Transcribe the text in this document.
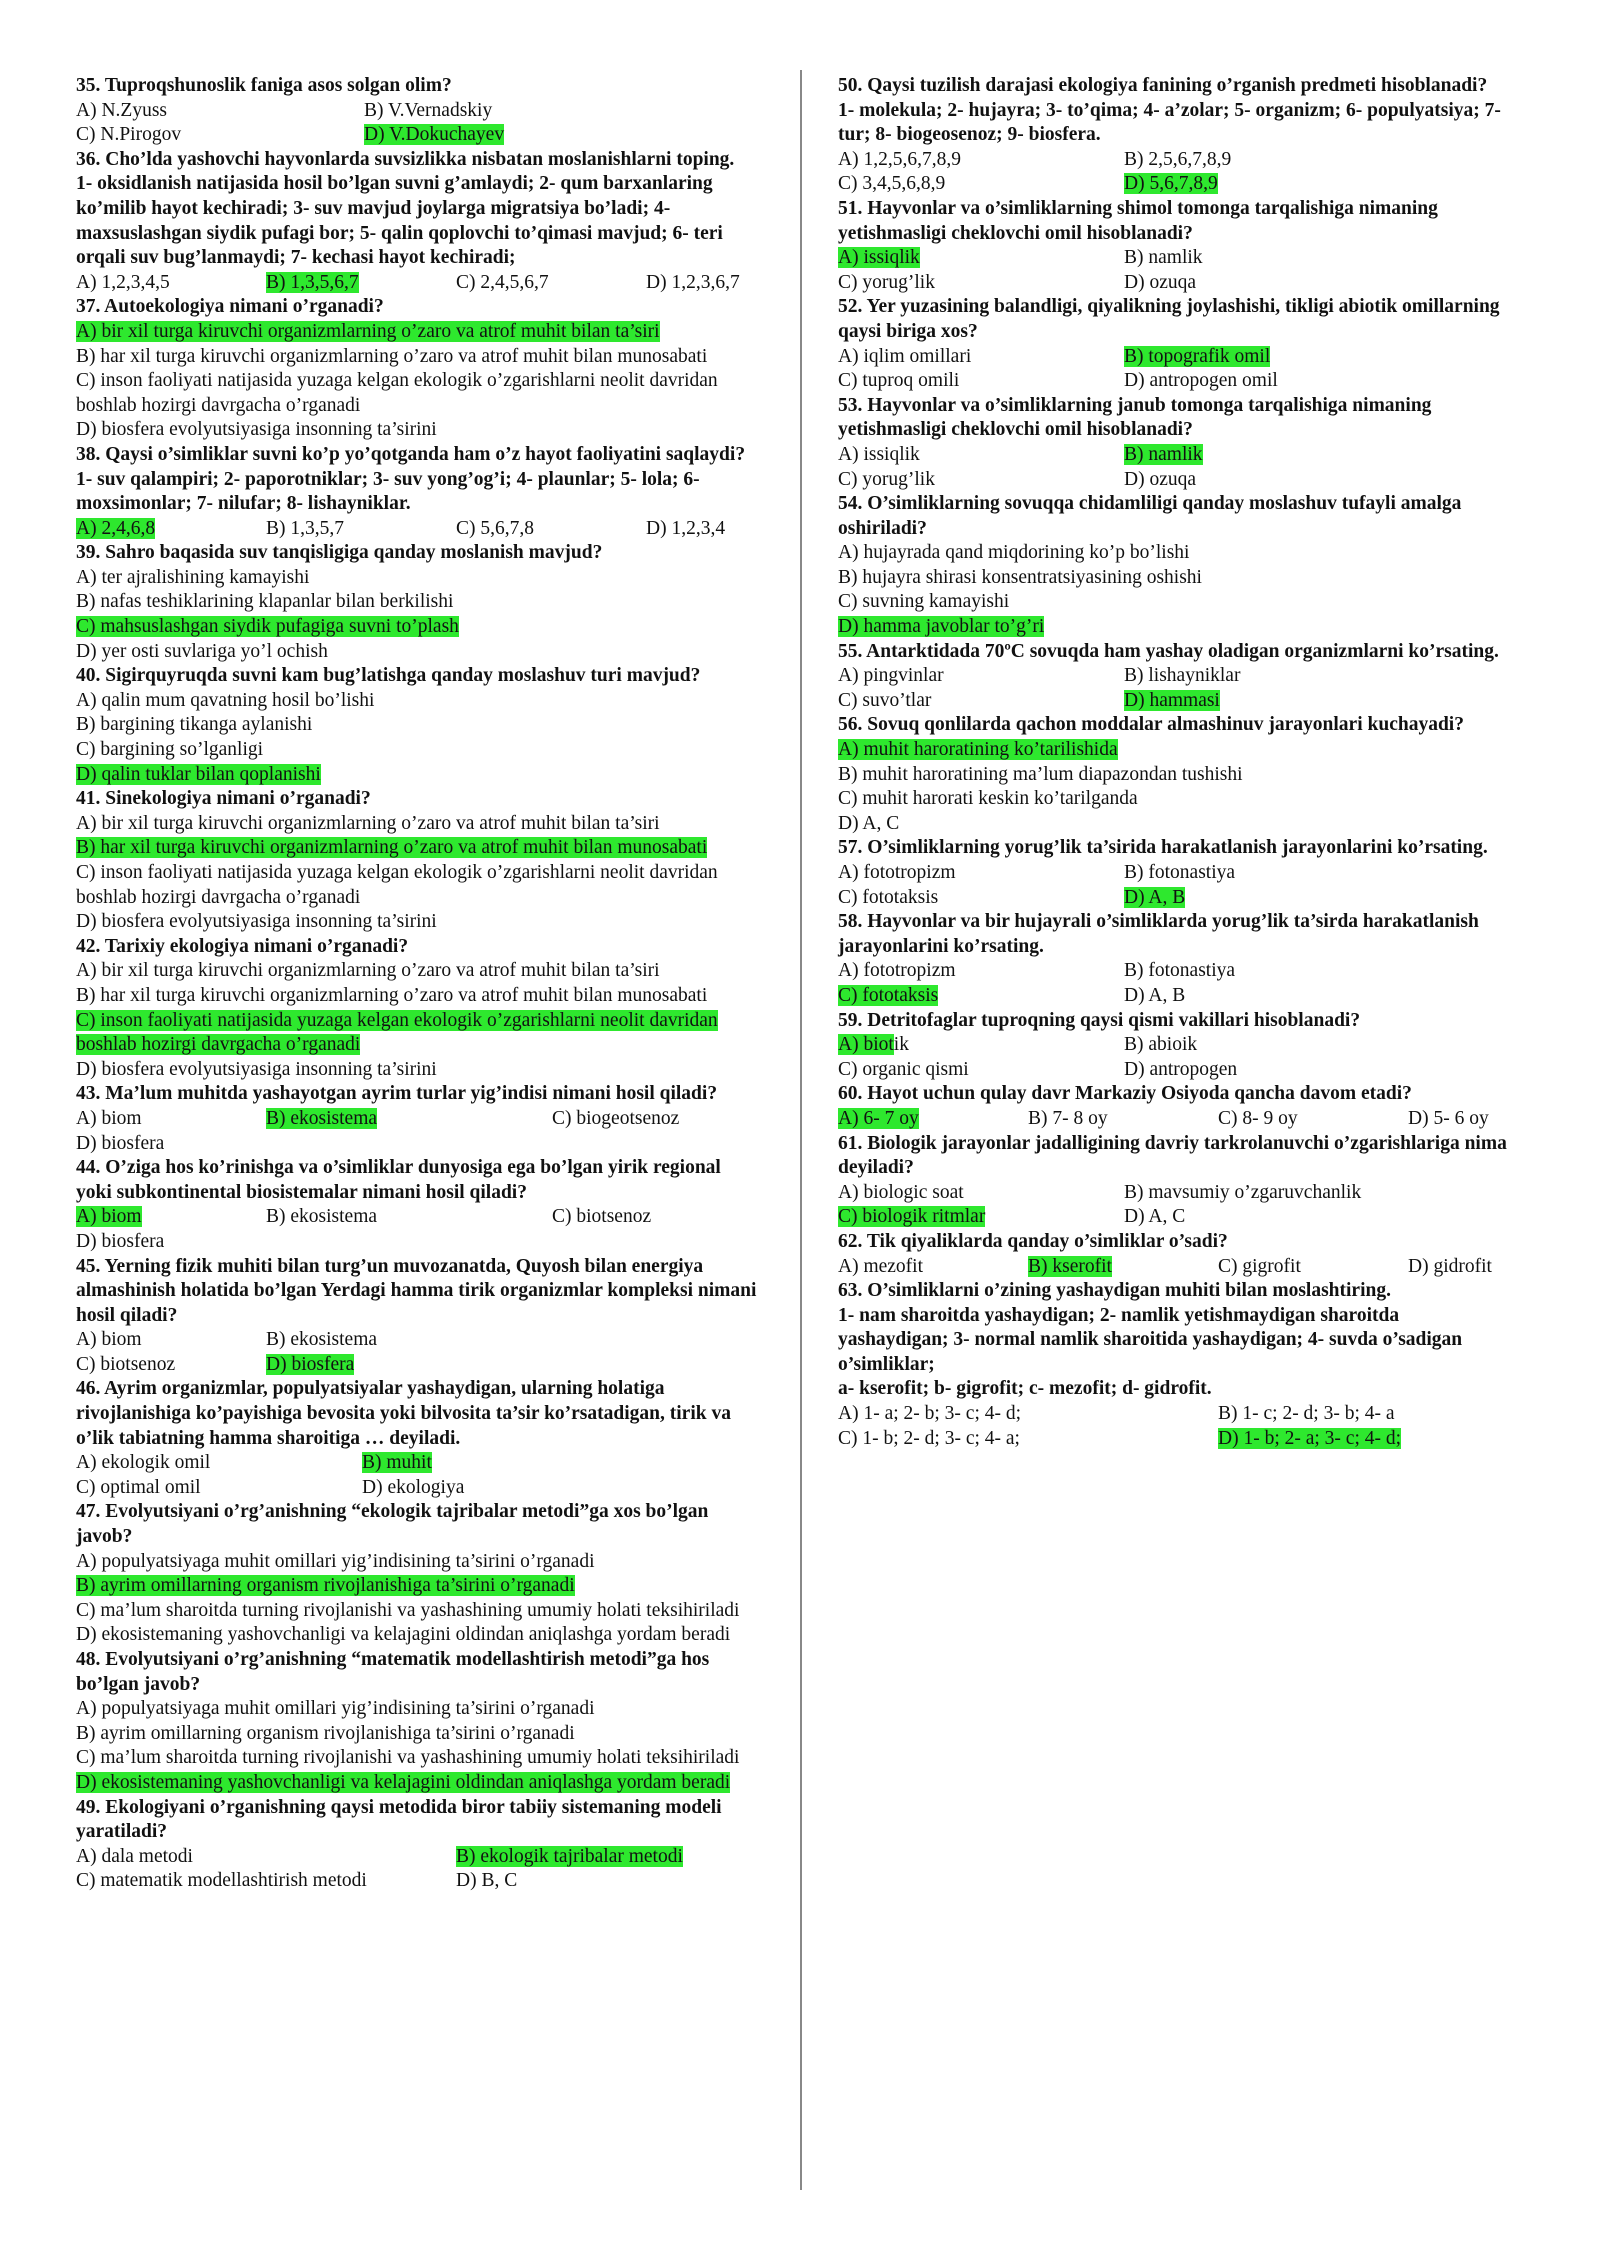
35. Tuproqshunoslik faniga asos solgan olim?
A) N.Zyuss	B) V.Vernadskiy
C) N.Pirogov	D) V.Dokuchayev
36. Cho’lda yashovchi hayvonlarda suvsizlikka nisbatan moslanishlarni toping.
1- oksidlanish natijasida hosil bo’lgan suvni g’amlaydi; 2- qum barxanlaring ko’milib hayot kechiradi; 3- suv mavjud joylarga migratsiya bo’ladi; 4- maxsuslashgan siydik pufagi bor; 5- qalin qoplovchi to’qimasi mavjud; 6- teri orqali suv bug’lanmaydi; 7- kechasi hayot kechiradi;
A) 1,2,3,4,5	B) 1,3,5,6,7	C) 2,4,5,6,7	D) 1,2,3,6,7
37. Autoekologiya nimani o’rganadi?
A) bir xil turga kiruvchi organizmlarning o’zaro va atrof muhit bilan ta’siri
B) har xil turga kiruvchi organizmlarning o’zaro va atrof muhit bilan munosabati
C) inson faoliyati natijasida yuzaga kelgan ekologik o’zgarishlarni neolit davridan boshlab hozirgi davrgacha o’rganadi
D) biosfera evolyutsiyasiga insonning ta’sirini
38. Qaysi o’simliklar suvni ko’p yo’qotganda ham o’z hayot faoliyatini saqlaydi?
1- suv qalampiri; 2- paporotniklar; 3- suv yong’og’i; 4- plaunlar; 5- lola; 6- moxsimonlar; 7- nilufar; 8- lishayniklar.
A) 2,4,6,8	B) 1,3,5,7	C) 5,6,7,8	D) 1,2,3,4
39. Sahro baqasida suv tanqisligiga qanday moslanish mavjud?
A) ter ajralishining kamayishi
B) nafas teshiklarining klapanlar bilan berkilishi
C) mahsuslashgan siydik pufagiga suvni to’plash
D) yer osti suvlariga yo’l ochish
40. Sigirquyruqda suvni kam bug’latishga qanday moslashuv turi mavjud?
A) qalin mum qavatning hosil bo’lishi
B) bargining tikanga aylanishi
C) bargining so’lganligi
D) qalin tuklar bilan qoplanishi
41. Sinekologiya nimani o’rganadi?
A) bir xil turga kiruvchi organizmlarning o’zaro va atrof muhit bilan ta’siri
B) har xil turga kiruvchi organizmlarning o’zaro va atrof muhit bilan munosabati
C) inson faoliyati natijasida yuzaga kelgan ekologik o’zgarishlarni neolit davridan boshlab hozirgi davrgacha o’rganadi
D) biosfera evolyutsiyasiga insonning ta’sirini
42. Tarixiy ekologiya nimani o’rganadi?
A) bir xil turga kiruvchi organizmlarning o’zaro va atrof muhit bilan ta’siri
B) har xil turga kiruvchi organizmlarning o’zaro va atrof muhit bilan munosabati
C) inson faoliyati natijasida yuzaga kelgan ekologik o’zgarishlarni neolit davridan boshlab hozirgi davrgacha o’rganadi
D) biosfera evolyutsiyasiga insonning ta’sirini
43. Ma’lum muhitda yashayotgan ayrim turlar yig’indisi nimani hosil qiladi?
A) biom	B) ekosistema	C) biogeotsenoz
D) biosfera
44. O’ziga hos ko’rinishga va o’simliklar dunyosiga ega bo’lgan yirik regional yoki subkontinental biosistemalar nimani hosil qiladi?
A) biom	B) ekosistema	C) biotsenoz
D) biosfera
45. Yerning fizik muhiti bilan turg’un muvozanatda, Quyosh bilan energiya almashinish holatida bo’lgan Yerdagi hamma tirik organizmlar kompleksi nimani hosil qiladi?
A) biom	B) ekosistema
C) biotsenoz	D) biosfera
46. Ayrim organizmlar, populyatsiyalar yashaydigan, ularning holatiga rivojlanishiga ko’payishiga bevosita yoki bilvosita ta’sir ko’rsatadigan, tirik va o’lik tabiatning hamma sharoitiga … deyiladi.
A) ekologik omil	B) muhit
C) optimal omil	D) ekologiya
47. Evolyutsiyani o’rg’anishning “ekologik tajribalar metodi”ga xos bo’lgan javob?
A) populyatsiyaga muhit omillari yig’indisining ta’sirini o’rganadi
B) ayrim omillarning organism rivojlanishiga ta’sirini o’rganadi
C) ma’lum sharoitda turning rivojlanishi va yashashining umumiy holati teksihiriladi
D) ekosistemaning yashovchanligi va kelajagini oldindan aniqlashga yordam beradi
48. Evolyutsiyani o’rg’anishning “matematik modellashtirish metodi”ga hos bo’lgan javob?
A) populyatsiyaga muhit omillari yig’indisining ta’sirini o’rganadi
B) ayrim omillarning organism rivojlanishiga ta’sirini o’rganadi
C) ma’lum sharoitda turning rivojlanishi va yashashining umumiy holati teksihiriladi
D) ekosistemaning yashovchanligi va kelajagini oldindan aniqlashga yordam beradi
49. Ekologiyani o’rganishning qaysi metodida biror tabiiy sistemaning modeli yaratiladi?
A) dala metodi	B) ekologik tajribalar metodi
C) matematik modellashtirish metodi	D) B, C
50. Qaysi tuzilish darajasi ekologiya fanining o’rganish predmeti hisoblanadi?
1- molekula; 2- hujayra; 3- to’qima; 4- a’zolar; 5- organizm; 6- populyatsiya; 7- tur; 8- biogeosenoz; 9- biosfera.
A) 1,2,5,6,7,8,9	B) 2,5,6,7,8,9
C) 3,4,5,6,8,9	D) 5,6,7,8,9
51. Hayvonlar va o’simliklarning shimol tomonga tarqalishiga nimaning yetishmasligi cheklovchi omil hisoblanadi?
A) issiqlik	B) namlik
C) yorug’lik	D) ozuqa
52. Yer yuzasining balandligi, qiyalikning joylashishi, tikligi abiotik omillarning qaysi biriga xos?
A) iqlim omillari	B) topografik omil
C) tuproq omili	D) antropogen omil
53. Hayvonlar va o’simliklarning janub tomonga tarqalishiga nimaning yetishmasligi cheklovchi omil hisoblanadi?
A) issiqlik	B) namlik
C) yorug’lik	D) ozuqa
54. O’simliklarning sovuqqa chidamliligi qanday moslashuv tufayli amalga oshiriladi?
A) hujayrada qand miqdorining ko’p bo’lishi
B) hujayra shirasi konsentratsiyasining oshishi
C) suvning kamayishi
D) hamma javoblar to’g’ri
55. Antarktidada 70ºC sovuqda ham yashay oladigan organizmlarni ko’rsating.
A) pingvinlar	B) lishayniklar
C) suvo’tlar	D) hammasi
56. Sovuq qonlilarda qachon moddalar almashinuv jarayonlari kuchayadi?
A) muhit haroratining ko’tarilishida
B) muhit haroratining ma’lum diapazondan tushishi
C) muhit harorati keskin ko’tarilganda
D) A, C
57. O’simliklarning yorug’lik ta’sirida harakatlanish jarayonlarini ko’rsating.
A) fototropizm	B) fotonastiya
C) fototaksis	D) A, B
58. Hayvonlar va bir hujayrali o’simliklarda yorug’lik ta’sirda harakatlanish jarayonlarini ko’rsating.
A) fototropizm	B) fotonastiya
C) fototaksis	D) A, B
59. Detritofaglar tuproqning qaysi qismi vakillari hisoblanadi?
A) biotik	B) abioik
C) organic qismi	D) antropogen
60. Hayot uchun qulay davr Markaziy Osiyoda qancha davom etadi?
A) 6- 7 oy	B) 7- 8 oy	C) 8- 9 oy	D) 5- 6 oy
61. Biologik jarayonlar jadalligining davriy tarkrolanuvchi o’zgarishlariga nima deyiladi?
A) biologic soat	B) mavsumiy o’zgaruvchanlik
C) biologik ritmlar	D) A, C
62. Tik qiyaliklarda qanday o’simliklar o’sadi?
A) mezofit	B) kserofit	C) gigrofit	D) gidrofit
63. O’simliklarni o’zining yashaydigan muhiti bilan moslashtiring.
1- nam sharoitda yashaydigan; 2- namlik yetishmaydigan sharoitda yashaydigan; 3- normal namlik sharoitida yashaydigan; 4- suvda o’sadigan o’simliklar;
a- kserofit; b- gigrofit; c- mezofit; d- gidrofit.
A) 1- a; 2- b; 3- c; 4- d;	B) 1- c; 2- d; 3- b; 4- a
C) 1- b; 2- d; 3- c; 4- a;	D) 1- b; 2- a; 3- c; 4- d;
